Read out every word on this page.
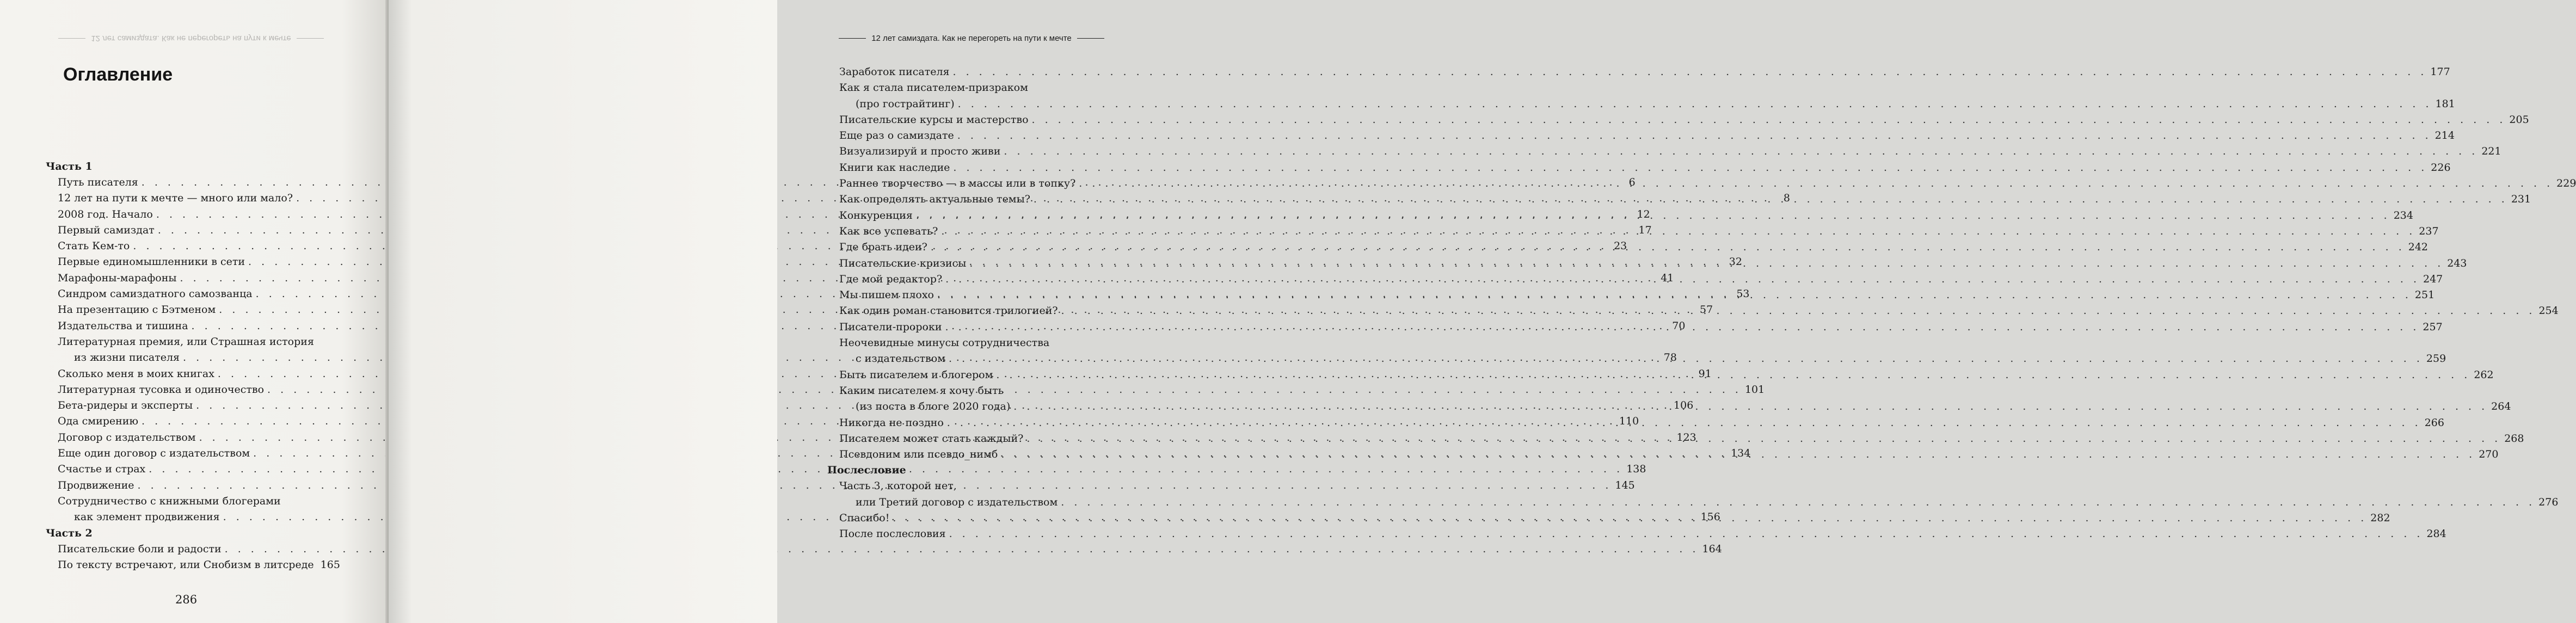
12 лет самиздата. Как не перегореть на пути к мечте
Оглавление
Часть 1
Путь писателя . . .	6
12 лет на пути к мечте — много или мало? . . .	8
2008 год. Начало . . .	12
Первый самиздат . . .	17
Стать Кем-то . . .	23
Первые единомышленники в сети . . .	32
Марафоны-марафоны . . .	41
Синдром самиздатного самозванца . . .	53
На презентацию с Бэтменом . . .	57
Издательства и тишина . . .	70
Литературная премия, или Страшная история
из жизни писателя . . .	78
Сколько меня в моих книгах . . .	91
Литературная тусовка и одиночество . . .	101
Бета-ридеры и эксперты . . .	106
Ода смирению . . .	110
Договор с издательством . . .	123
Еще один договор с издательством . . .	134
Счастье и страх . . .	138
Продвижение . . .	145
Сотрудничество с книжными блогерами
как элемент продвижения . . .	156
Часть 2
Писательские боли и радости . . .	164
По тексту встречают, или Снобизм в литсреде 165
286
12 лет самиздата. Как не перегореть на пути к мечте
Заработок писателя . . .	177
Как я стала писателем-призраком
(про гострайтинг) . . .	181
Писательские курсы и мастерство . . .	205
Еще раз о самиздате . . .	214
Визуализируй и просто живи . . .	221
Книги как наследие . . .	226
Раннее творчество — в массы или в топку? . . .	229
Как определять актуальные темы? . . .	231
Конкуренция . . .	234
Как все успевать? . . .	237
Где брать идеи? . . .	242
Писательские кризисы . . .	243
Где мой редактор? . . .	247
Мы пишем плохо . . .	251
Как один роман становится трилогией? . . .	254
Писатели-пророки . . .	257
Неочевидные минусы сотрудничества
с издательством . . .	259
Быть писателем и блогером . . .	262
Каким писателем я хочу быть
(из поста в блоге 2020 года) . . .	264
Никогда не поздно . . .	266
Писателем может стать каждый? . . .	268
Псевдоним или псевдо_нимб . . .	270
Послесловие
Часть 3, которой нет,
или Третий договор с издательством . . .	276
Спасибо! . . .	282
После послесловия . . .	284
